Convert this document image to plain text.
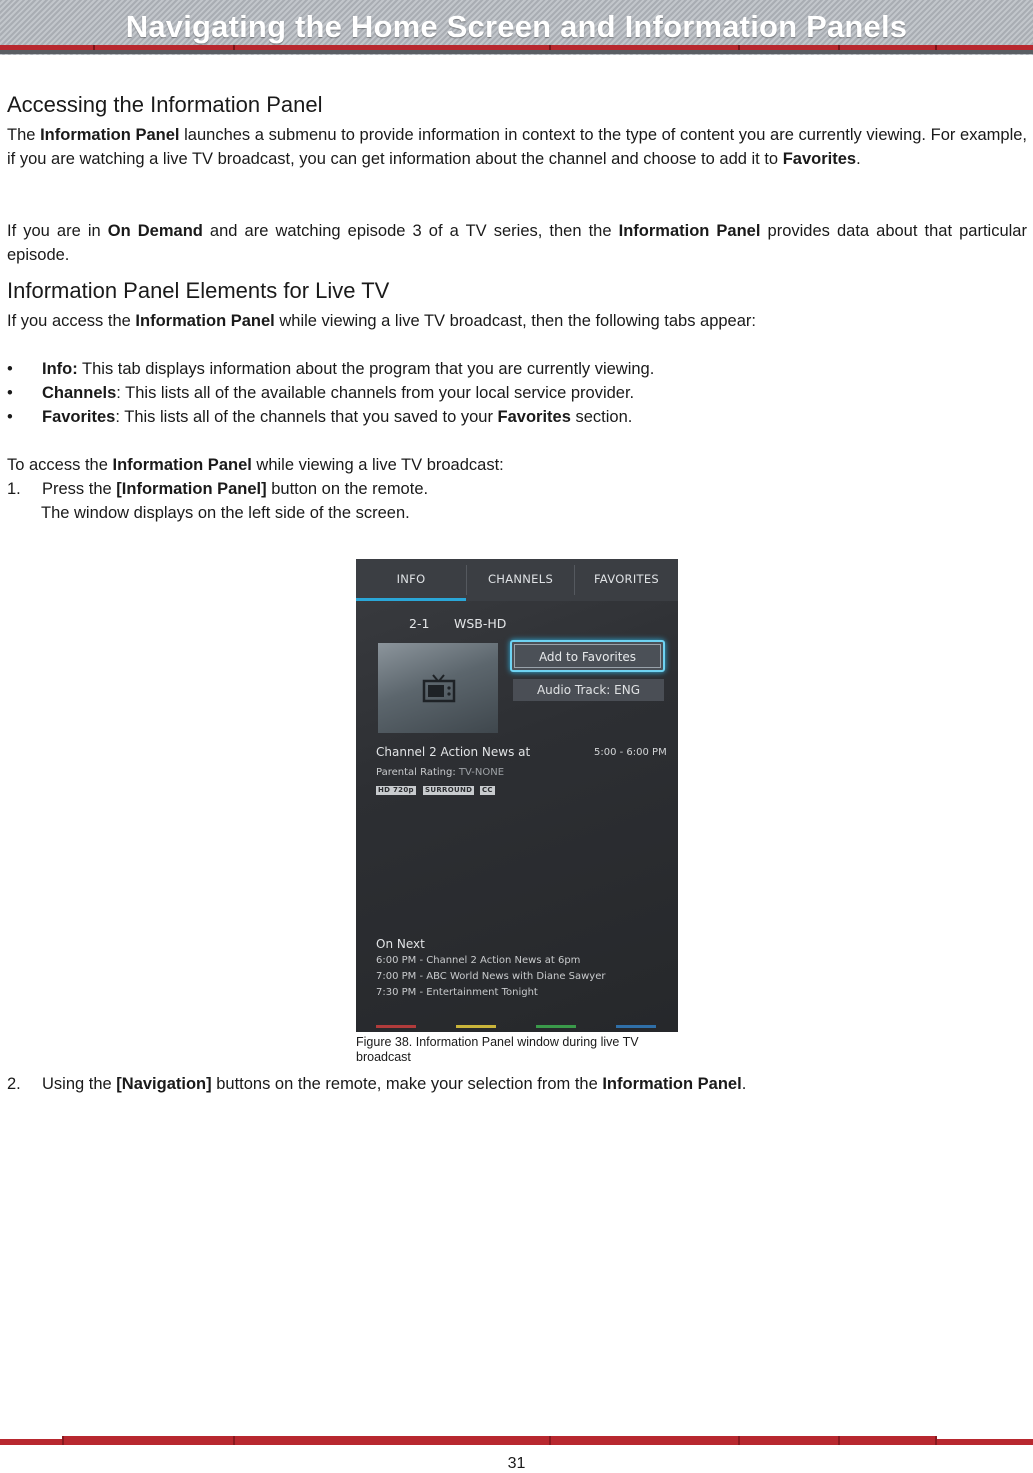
Navigating the Home Screen and Information Panels
Accessing the Information Panel

The Information Panel launches a submenu to provide information in context to the type of content you are currently viewing. For example, if you are watching a live TV broadcast, you can get information about the channel and choose to add it to Favorites.

If you are in On Demand and are watching episode 3 of a TV series, then the Information Panel provides data about that particular episode.

Information Panel Elements for Live TV

If you access the Information Panel while viewing a live TV broadcast, then the following tabs appear:

• Info: This tab displays information about the program that you are currently viewing.
• Channels: This lists all of the available channels from your local service provider.
• Favorites: This lists all of the channels that you saved to your Favorites section.

To access the Information Panel while viewing a live TV broadcast:

1. Press the [Information Panel] button on the remote.

The window displays on the left side of the screen.

INFO	CHANNELS	FAVORITES
2-1 WSB-HD
Add to Favorites
Audio Track: ENG
Channel 2 Action News at	5:00 - 6:00 PM
Parental Rating: TV-NONE
HD 720p SURROUND CC
On Next
6:00 PM - Channel 2 Action News at 6pm
7:00 PM - ABC World News with Diane Sawyer
7:30 PM - Entertainment Tonight
Figure 38. Information Panel window during live TV broadcast

2. Using the [Navigation] buttons on the remote, make your selection from the Information Panel.

31
